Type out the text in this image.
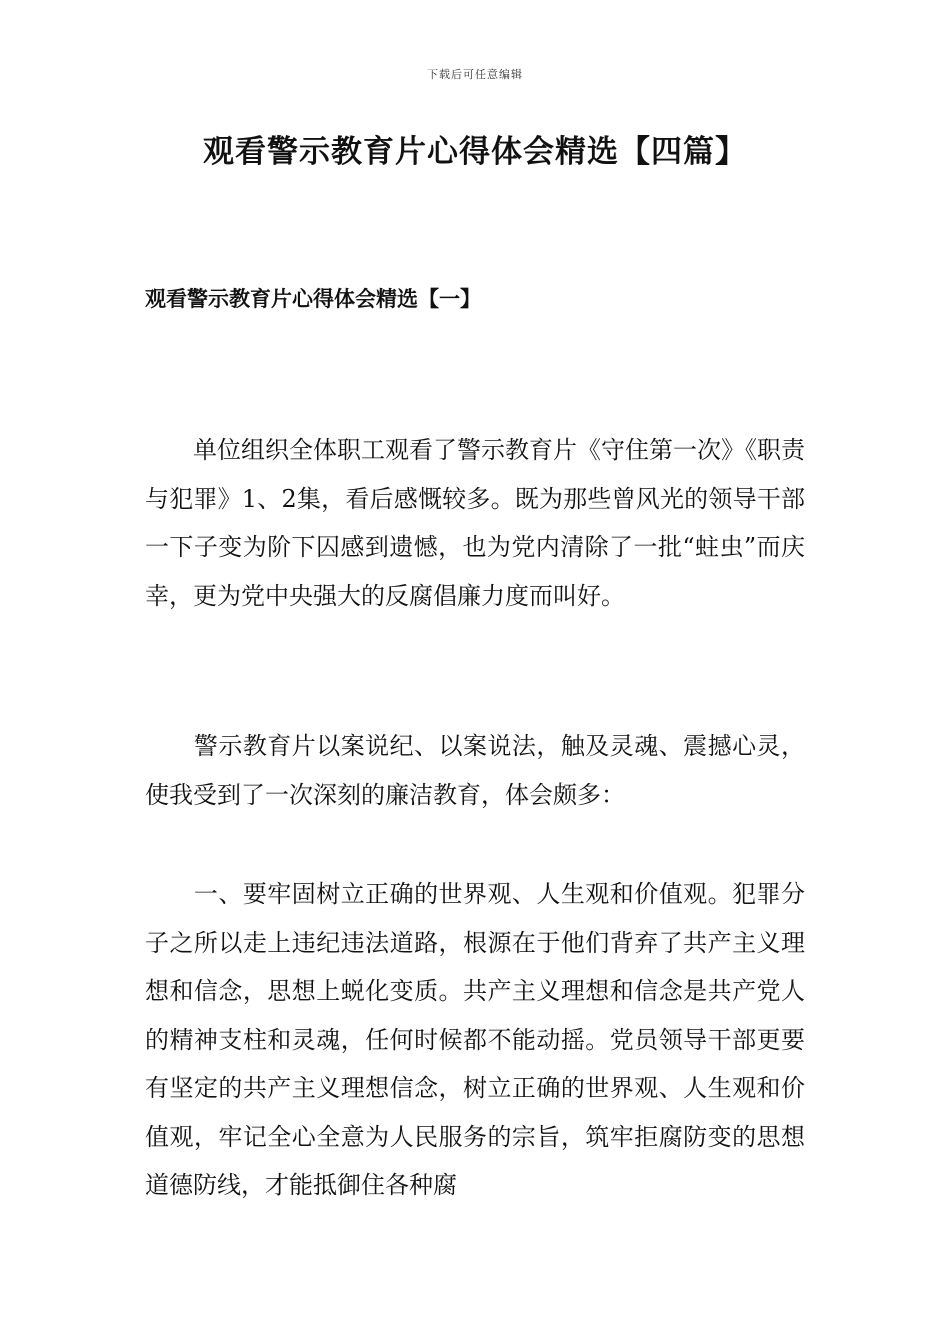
下载后可任意编辑
观看警示教育片心得体会精选【四篇】
观看警示教育片心得体会精选【一】

　　单位组织全体职工观看了警示教育片《守住第一次》《职责与犯罪》1、2集，看后感慨较多。既为那些曾风光的领导干部一下子变为阶下囚感到遗憾，也为党内清除了一批“蛀虫”而庆幸，更为党中央强大的反腐倡廉力度而叫好。

　　警示教育片以案说纪、以案说法，触及灵魂、震撼心灵，使我受到了一次深刻的廉洁教育，体会颇多：

　　一、要牢固树立正确的世界观、人生观和价值观。犯罪分子之所以走上违纪违法道路，根源在于他们背弃了共产主义理想和信念，思想上蜕化变质。共产主义理想和信念是共产党人的精神支柱和灵魂，任何时候都不能动摇。党员领导干部更要有坚定的共产主义理想信念，树立正确的世界观、人生观和价值观，牢记全心全意为人民服务的宗旨，筑牢拒腐防变的思想道德防线，才能抵御住各种腐
